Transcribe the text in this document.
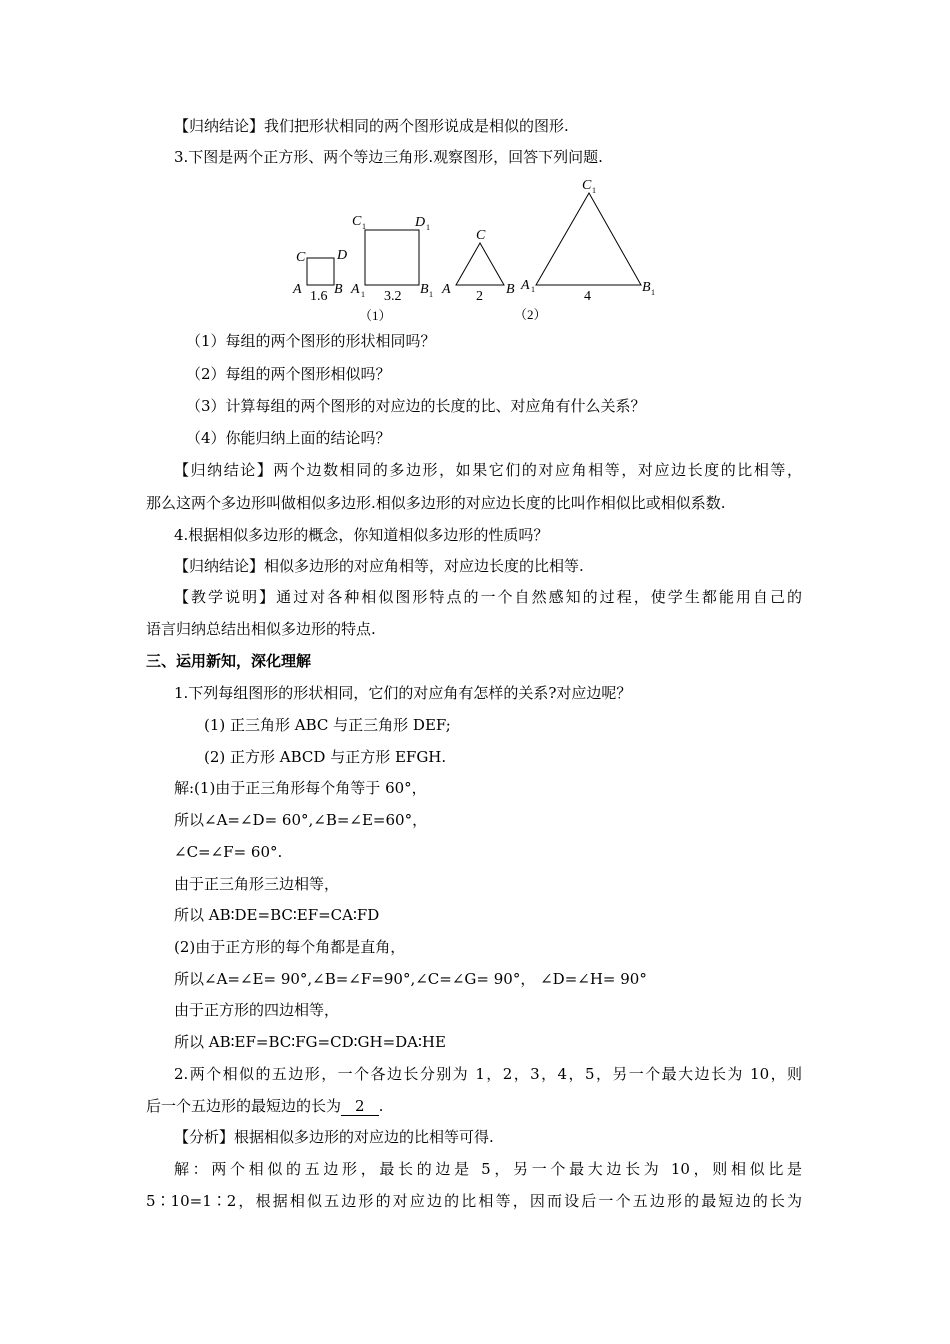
【归纳结论】我们把形状相同的两个图形说成是相似的图形.
3.下图是两个正方形、两个等边三角形.观察图形，回答下列问题.
C D
A B
C	D
B
A
C
A	B
C
A	B
1	1
1
1
1
1	1
1.6	3.2	2	4
（1）	（2）
（1）每组的两个图形的形状相同吗？
（2）每组的两个图形相似吗？
（3）计算每组的两个图形的对应边的长度的比、对应角有什么关系？
（4）你能归纳上面的结论吗？
【归纳结论】两个边数相同的多边形，如果它们的对应角相等，对应边长度的比相等，
那么这两个多边形叫做相似多边形.相似多边形的对应边长度的比叫作相似比或相似系数.
4.根据相似多边形的概念，你知道相似多边形的性质吗？
【归纳结论】相似多边形的对应角相等，对应边长度的比相等.
【教学说明】通过对各种相似图形特点的一个自然感知的过程，使学生都能用自己的
语言归纳总结出相似多边形的特点.
三、运用新知，深化理解
1.下列每组图形的形状相同，它们的对应角有怎样的关系?对应边呢？
(1) 正三角形 ABC 与正三角形 DEF;
(2) 正方形 ABCD 与正方形 EFGH.
解:(1)由于正三角形每个角等于 60°，
所以∠A=∠D= 60°,∠B=∠E=60°，
∠C=∠F= 60°.
由于正三角形三边相等，
所以 AB∶DE=BC∶EF=CA∶FD
(2)由于正方形的每个角都是直角，
所以∠A=∠E= 90°,∠B=∠F=90°,∠C=∠G= 90°， ∠D=∠H= 90°
由于正方形的四边相等，
所以 AB∶EF=BC∶FG=CD∶GH=DA∶HE
2.两个相似的五边形，一个各边长分别为 1，2，3，4，5，另一个最大边长为 10，则
后一个五边形的最短边的长为 2 .
【分析】根据相似多边形的对应边的比相等可得.
解：两个相似的五边形，最长的边是 5，另一个最大边长为 10，则相似比是
5∶10=1∶2，根据相似五边形的对应边的比相等，因而设后一个五边形的最短边的长为
